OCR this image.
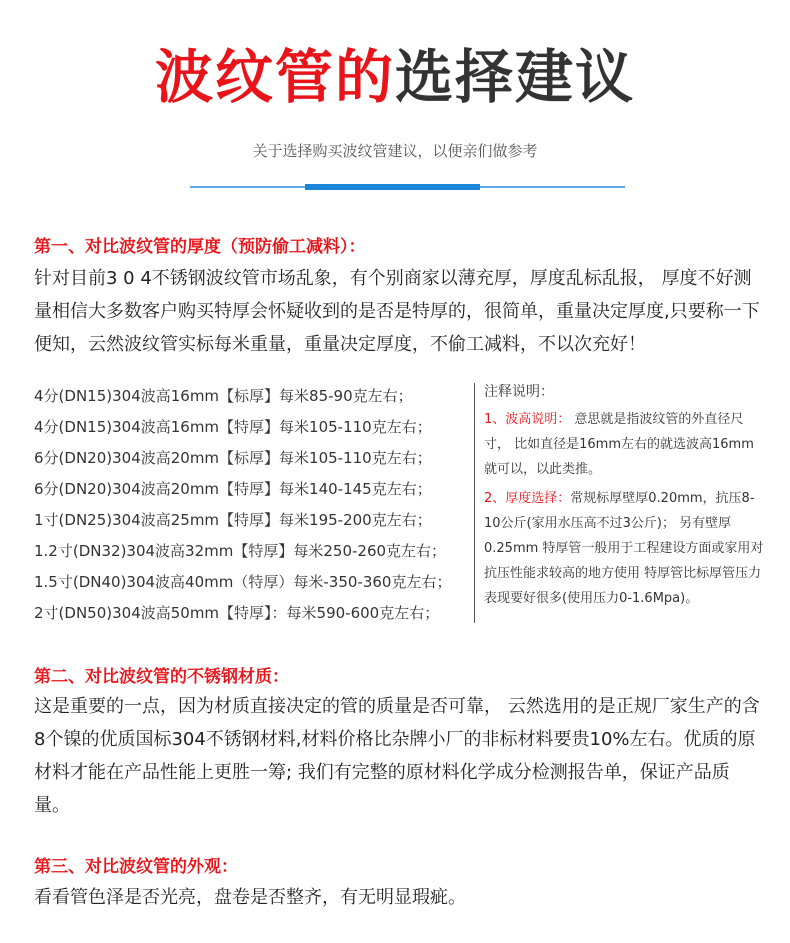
波纹管的选择建议
关于选择购买波纹管建议，以便亲们做参考
第一、对比波纹管的厚度（预防偷工减料）：
针对目前3 0 4不锈钢波纹管市场乱象，有个别商家以薄充厚，厚度乱标乱报， 厚度不好测量相信大多数客户购买特厚会怀疑收到的是否是特厚的，很简单，重量决定厚度,只要称一下便知，云然波纹管实标每米重量，重量决定厚度，不偷工减料，不以次充好！
4分(DN15)304波高16mm【标厚】每米85-90克左右；
4分(DN15)304波高16mm【特厚】每米105-110克左右；
6分(DN20)304波高20mm【标厚】每米105-110克左右；
6分(DN20)304波高20mm【特厚】每米140-145克左右；
1寸(DN25)304波高25mm【特厚】每米195-200克左右；
1.2寸(DN32)304波高32mm【特厚】每米250-260克左右；
1.5寸(DN40)304波高40mm（特厚）每米-350-360克左右；
2寸(DN50)304波高50mm【特厚】：每米590-600克左右；
注释说明：

1、波高说明： 意思就是指波纹管的外直径尺寸， 比如直径是16mm左右的就选波高16mm就可以，以此类推。

2、厚度选择：常规标厚壁厚0.20mm，抗压8-10公斤(家用水压高不过3公斤)； 另有壁厚0.25mm 特厚管一般用于工程建设方面或家用对抗压性能求较高的地方使用 特厚管比标厚管压力表现要好很多(使用压力0-1.6Mpa)。

第二、对比波纹管的不锈钢材质：
这是重要的一点，因为材质直接决定的管的质量是否可靠， 云然选用的是正规厂家生产的含8个镍的优质国标304不锈钢材料,材料价格比杂牌小厂的非标材料要贵10%左右。优质的原材料才能在产品性能上更胜一筹; 我们有完整的原材料化学成分检测报告单，保证产品质量。
第三、对比波纹管的外观：
看看管色泽是否光亮，盘卷是否整齐，有无明显瑕疵。
